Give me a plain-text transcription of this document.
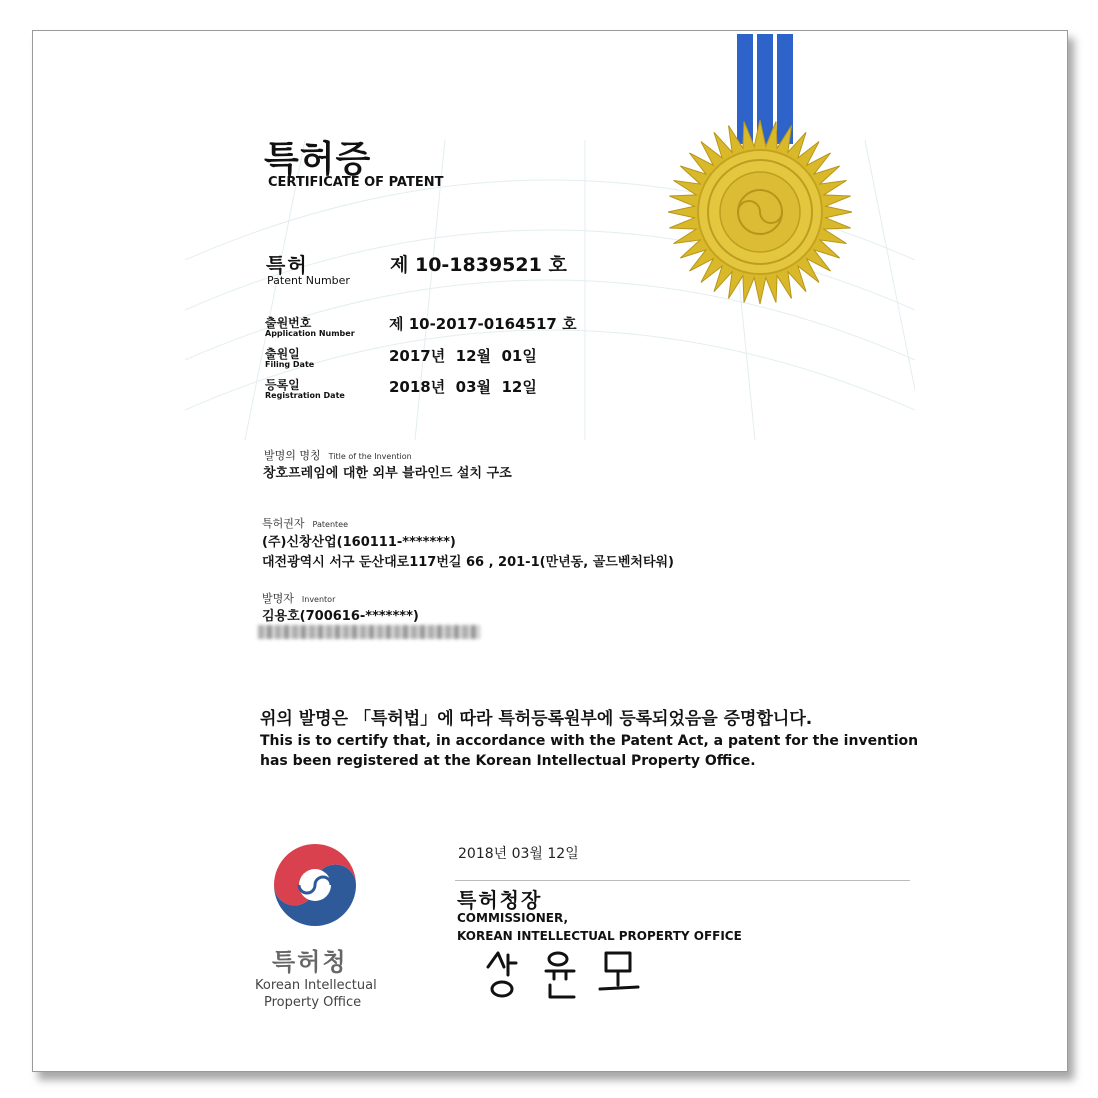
특허증
CERTIFICATE OF PATENT
특허
Patent Number
제 10-1839521 호
출원번호
Application Number
제 10-2017-0164517 호
출원일
Filing Date	2017년  12월  01일
등록일
Registration Date	2018년  03월  12일
발명의 명칭 Title of the Invention
창호프레임에 대한 외부 블라인드 설치 구조
특허권자 Patentee
(주)신창산업(160111-*******)
대전광역시 서구 둔산대로117번길 66 , 201-1(만년동, 골드벤처타워)
발명자 Inventor
김용호(700616-*******)
위의 발명은 「특허법」에 따라 특허등록원부에 등록되었음을 증명합니다.
This is to certify that, in accordance with the Patent Act, a patent for the invention
has been registered at the Korean Intellectual Property Office.
2018년 03월 12일
특허청장
COMMISSIONER,
KOREAN INTELLECTUAL PROPERTY OFFICE
특허청
Korean Intellectual
Property Office
